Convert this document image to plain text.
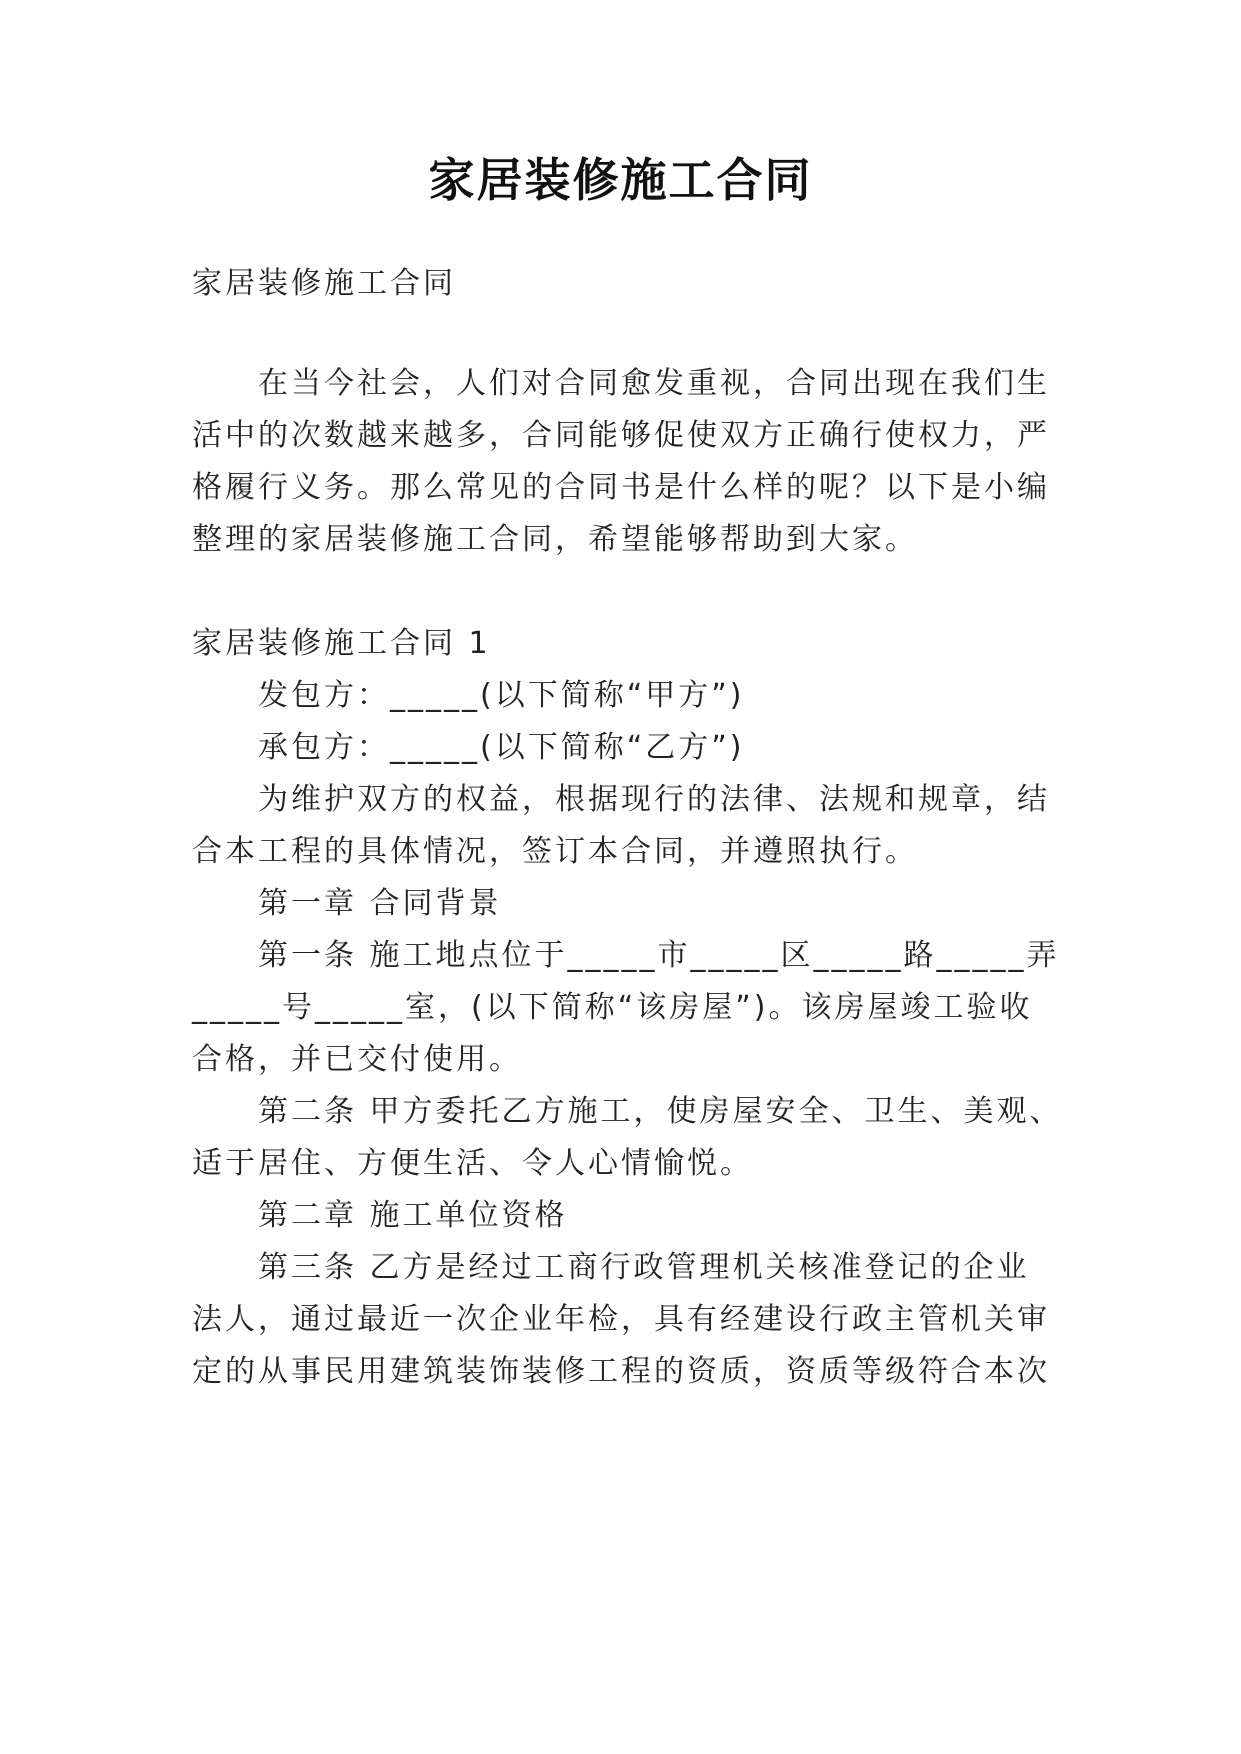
家居装修施工合同
家居装修施工合同
在当今社会，人们对合同愈发重视，合同出现在我们生
活中的次数越来越多，合同能够促使双方正确行使权力，严
格履行义务。那么常见的合同书是什么样的呢？以下是小编
整理的家居装修施工合同，希望能够帮助到大家。
家居装修施工合同 1
发包方：_____(以下简称“甲方”)
承包方：_____(以下简称“乙方”)
为维护双方的权益，根据现行的法律、法规和规章，结
合本工程的具体情况，签订本合同，并遵照执行。
第一章 合同背景
第一条 施工地点位于_____市_____区_____路_____弄
_____号_____室，(以下简称“该房屋”)。该房屋竣工验收
合格，并已交付使用。
第二条 甲方委托乙方施工，使房屋安全、卫生、美观、
适于居住、方便生活、令人心情愉悦。
第二章 施工单位资格
第三条 乙方是经过工商行政管理机关核准登记的企业
法人，通过最近一次企业年检，具有经建设行政主管机关审
定的从事民用建筑装饰装修工程的资质，资质等级符合本次
